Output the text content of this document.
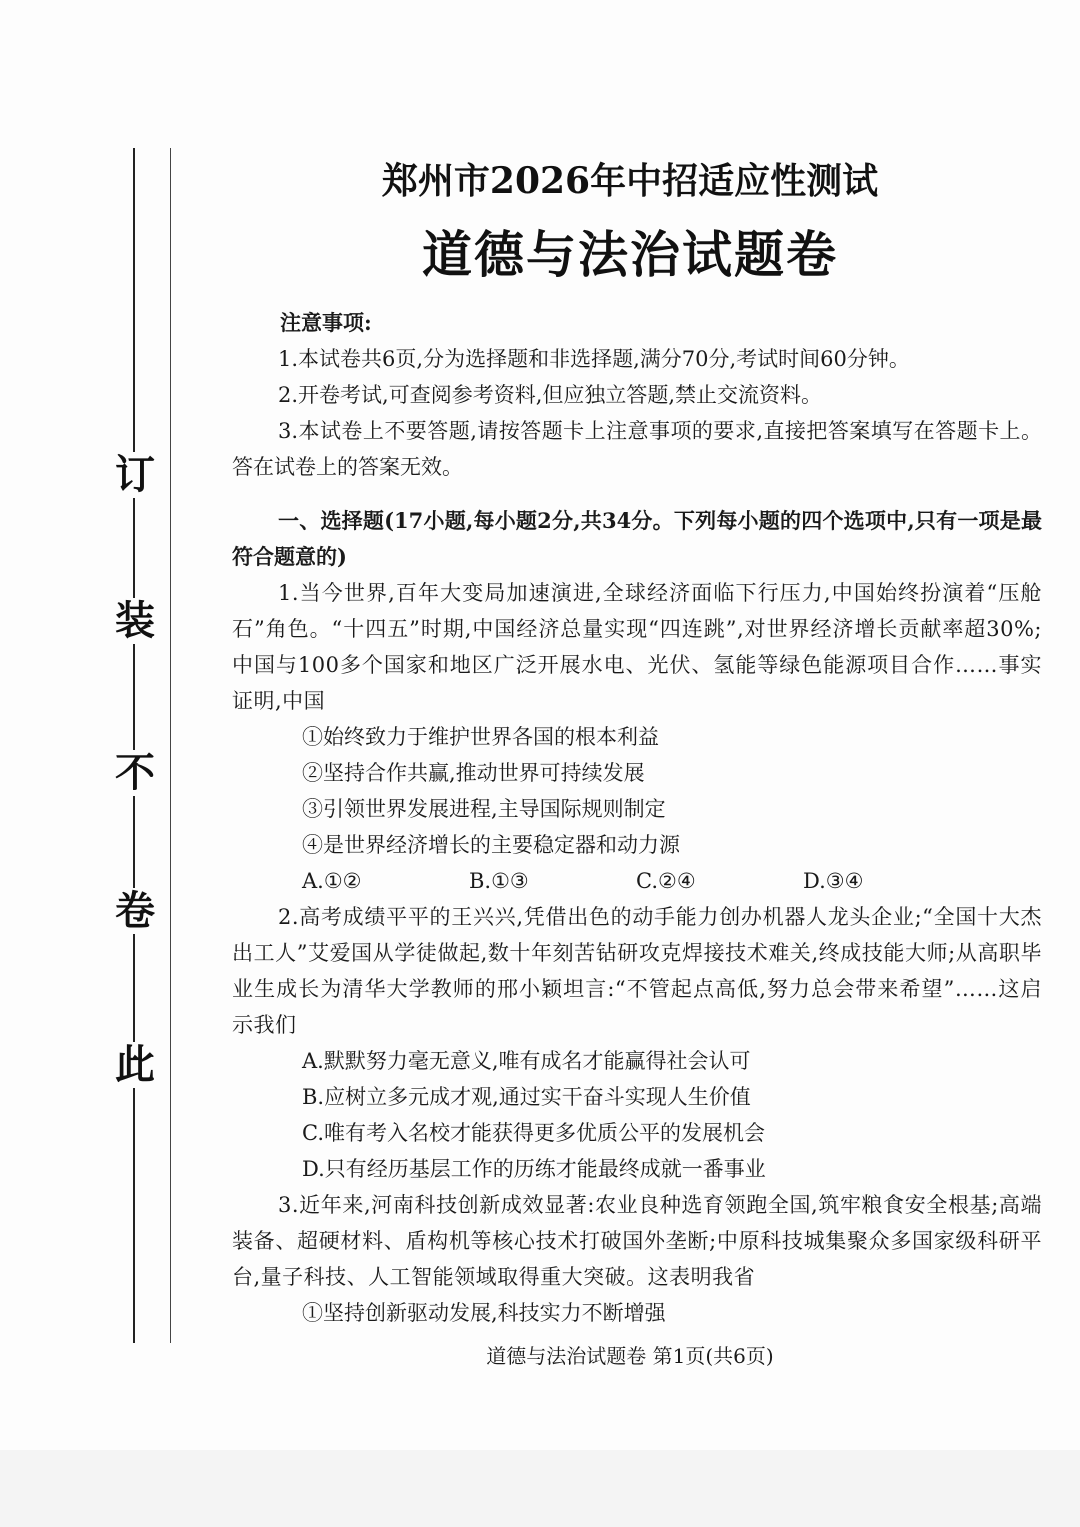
此
卷
不
装
订
郑州市2026年中招适应性测试
道德与法治试题卷
注意事项:
1.本试卷共6页,分为选择题和非选择题,满分70分,考试时间60分钟。
2.开卷考试,可查阅参考资料,但应独立答题,禁止交流资料。
3.本试卷上不要答题,请按答题卡上注意事项的要求,直接把答案填写在答题卡上。答在试卷上的答案无效。
一、选择题(17小题,每小题2分,共34分。下列每小题的四个选项中,只有一项是最符合题意的)
1.当今世界,百年大变局加速演进,全球经济面临下行压力,中国始终扮演着“压舱石”角色。“十四五”时期,中国经济总量实现“四连跳”,对世界经济增长贡献率超30%;中国与100多个国家和地区广泛开展水电、光伏、氢能等绿色能源项目合作……事实证明,中国
①始终致力于维护世界各国的根本利益
②坚持合作共赢,推动世界可持续发展
③引领世界发展进程,主导国际规则制定
④是世界经济增长的主要稳定器和动力源
A.①②	B.①③	C.②④	D.③④
2.高考成绩平平的王兴兴,凭借出色的动手能力创办机器人龙头企业;“全国十大杰出工人”艾爱国从学徒做起,数十年刻苦钻研攻克焊接技术难关,终成技能大师;从高职毕业生成长为清华大学教师的邢小颖坦言:“不管起点高低,努力总会带来希望”……这启示我们
A.默默努力毫无意义,唯有成名才能赢得社会认可
B.应树立多元成才观,通过实干奋斗实现人生价值
C.唯有考入名校才能获得更多优质公平的发展机会
D.只有经历基层工作的历练才能最终成就一番事业
3.近年来,河南科技创新成效显著:农业良种选育领跑全国,筑牢粮食安全根基;高端装备、超硬材料、盾构机等核心技术打破国外垄断;中原科技城集聚众多国家级科研平台,量子科技、人工智能领域取得重大突破。这表明我省
①坚持创新驱动发展,科技实力不断增强
道德与法治试题卷 第1页(共6页)
